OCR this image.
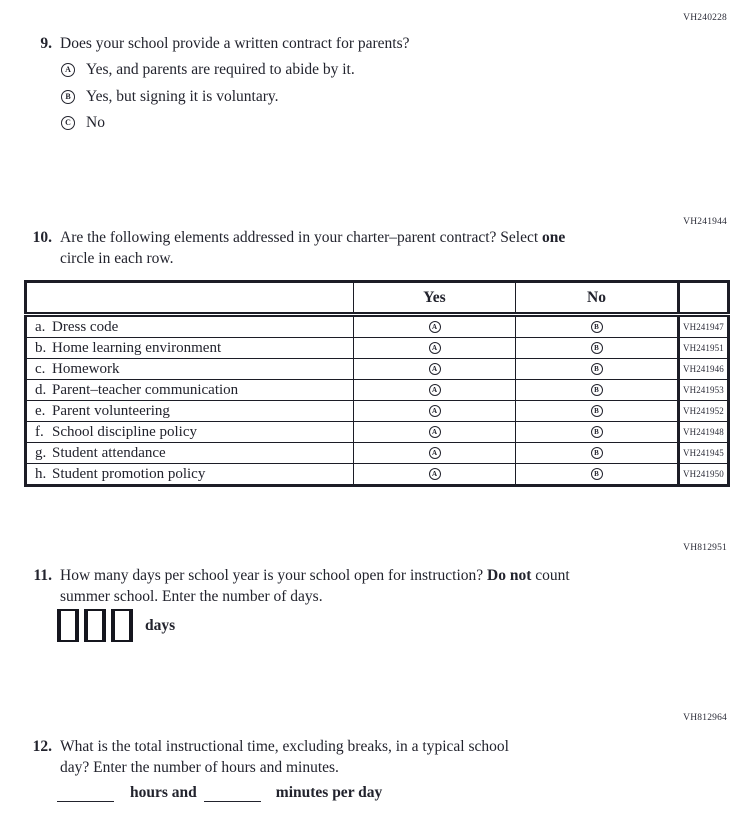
VH240228
9. Does your school provide a written contract for parents?
A Yes, and parents are required to abide by it.
B Yes, but signing it is voluntary.
C No
VH241944
10. Are the following elements addressed in your charter–parent contract? Select one
circle in each row.
	Yes	No	
a. Dress code	A	B	VH241947
b. Home learning environment	A	B	VH241951
c. Homework	A	B	VH241946
d. Parent–teacher communication	A	B	VH241953
e. Parent volunteering	A	B	VH241952
f. School discipline policy	A	B	VH241948
g. Student attendance	A	B	VH241945
h. Student promotion policy	A	B	VH241950
VH812951
11. How many days per school year is your school open for instruction? Do not count
summer school. Enter the number of days.
days
VH812964
12. What is the total instructional time, excluding breaks, in a typical school
day? Enter the number of hours and minutes.
hours and	minutes per day
